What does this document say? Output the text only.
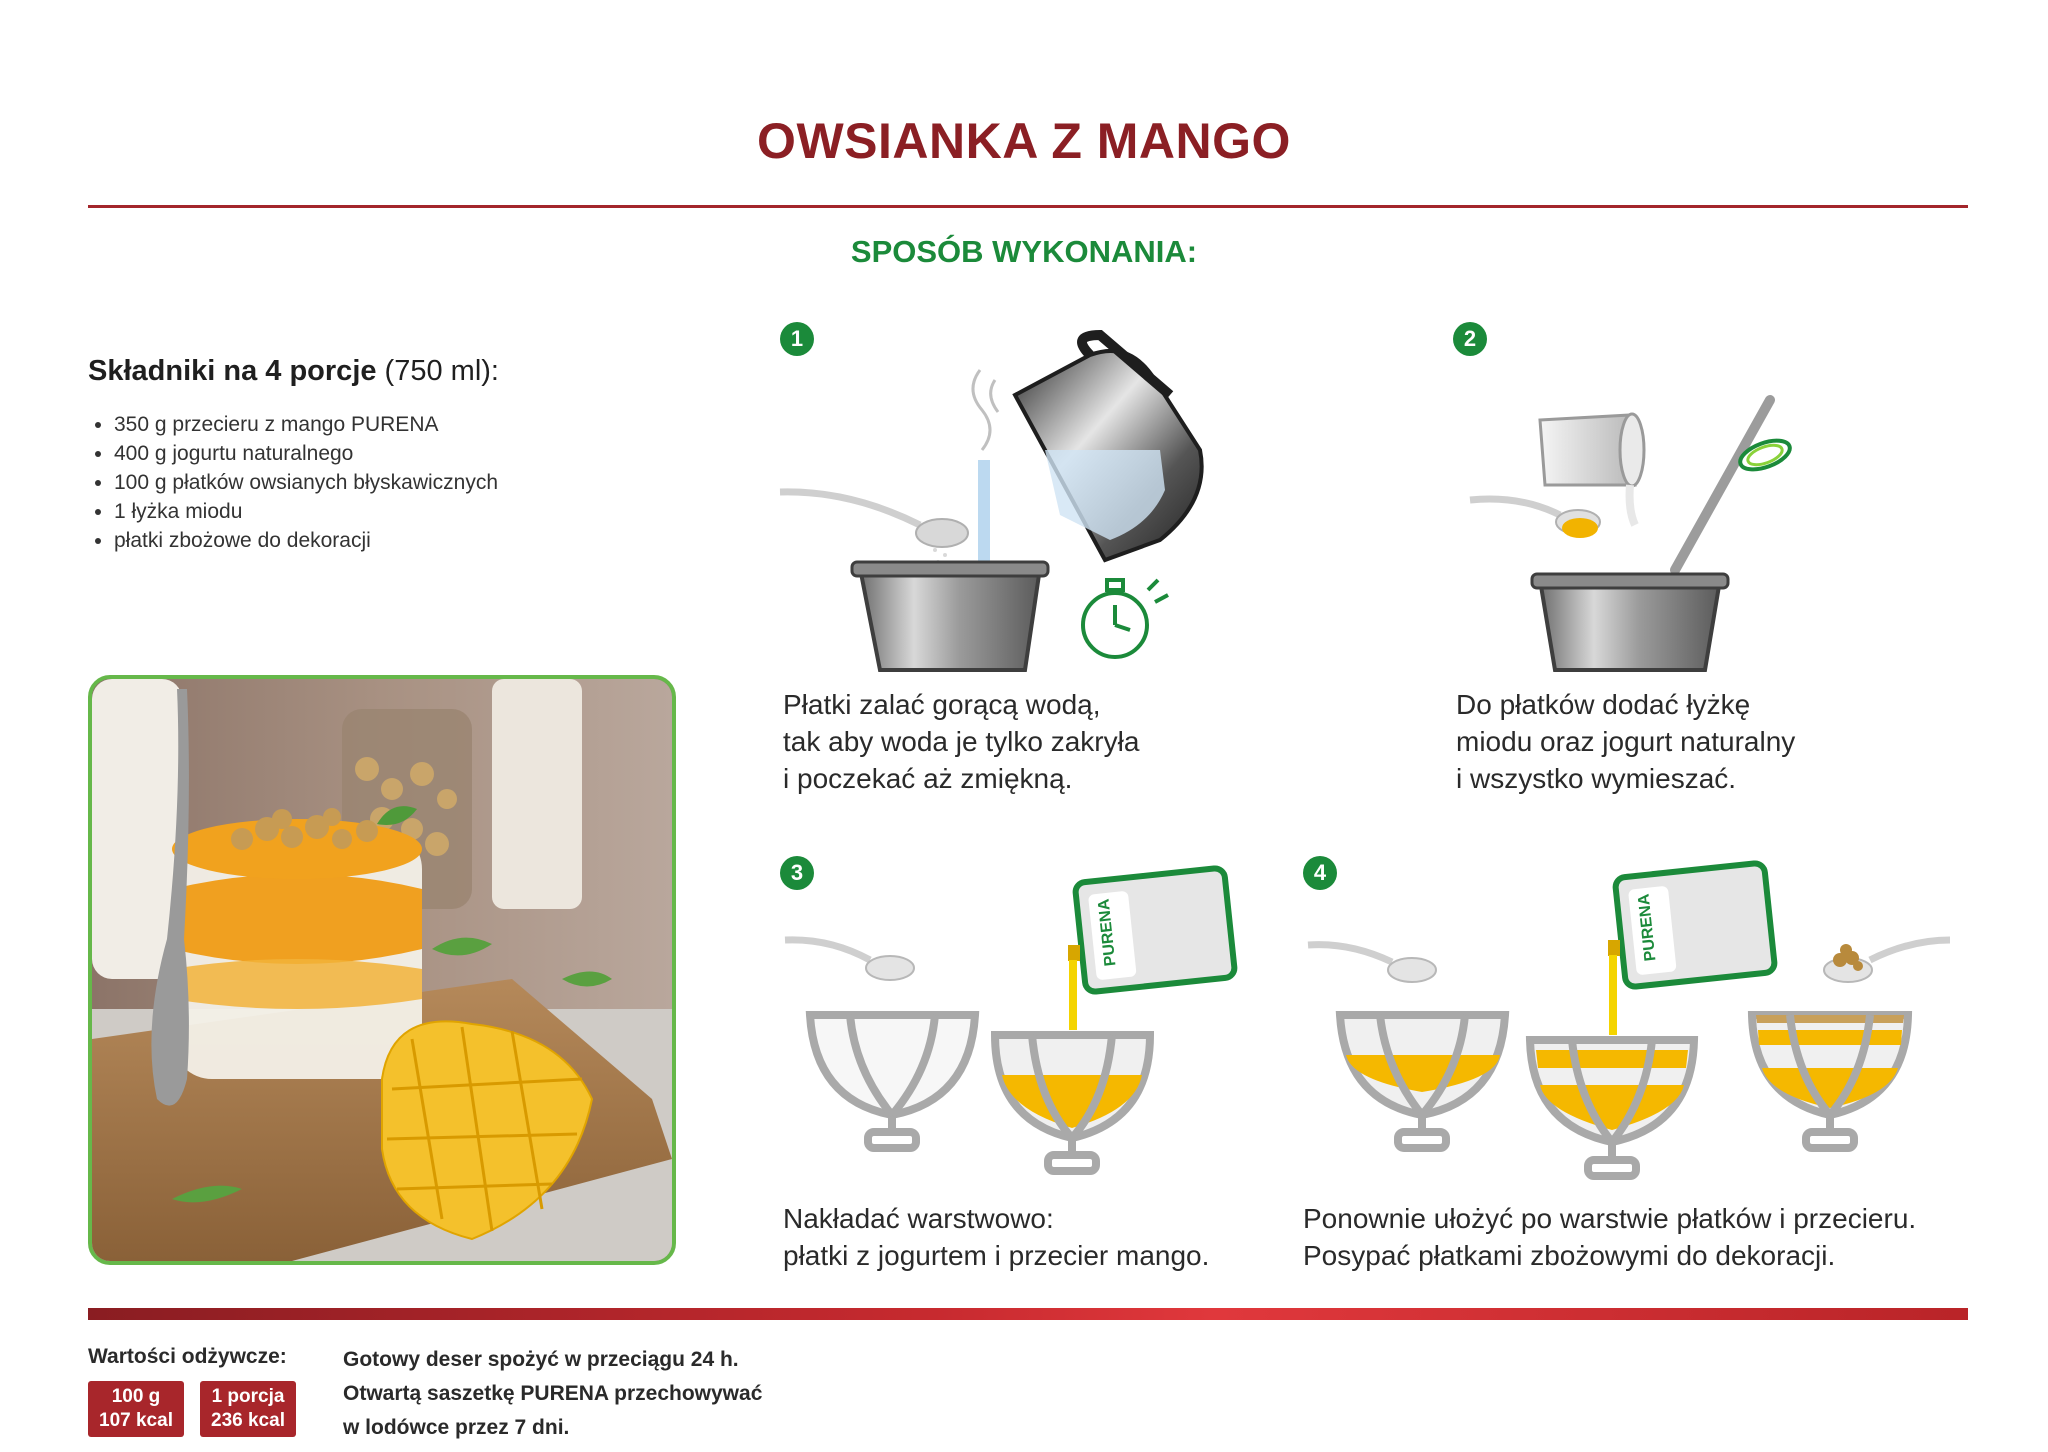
OWSIANKA Z MANGO
SPOSÓB WYKONANIA:
Składniki na 4 porcje (750 ml):
• 350 g przecieru z mango PURENA
• 400 g jogurtu naturalnego
• 100 g płatków owsianych błyskawicznych
• 1 łyżka miodu
• płatki zbożowe do dekoracji
1
Płatki zalać gorącą wodą,
tak aby woda je tylko zakryła
i poczekać aż zmiękną.
2
Do płatków dodać łyżkę
miodu oraz jogurt naturalny
i wszystko wymieszać.
3
PURENA
Nakładać warstwowo:
płatki z jogurtem i przecier mango.
4
PURENA
Ponownie ułożyć po warstwie płatków i przecieru.
Posypać płatkami zbożowymi do dekoracji.
Wartości odżywcze:
100 g
107 kcal
1 porcja
236 kcal
Gotowy deser spożyć w przeciągu 24 h.
Otwartą saszetkę PURENA przechowywać
w lodówce przez 7 dni.
